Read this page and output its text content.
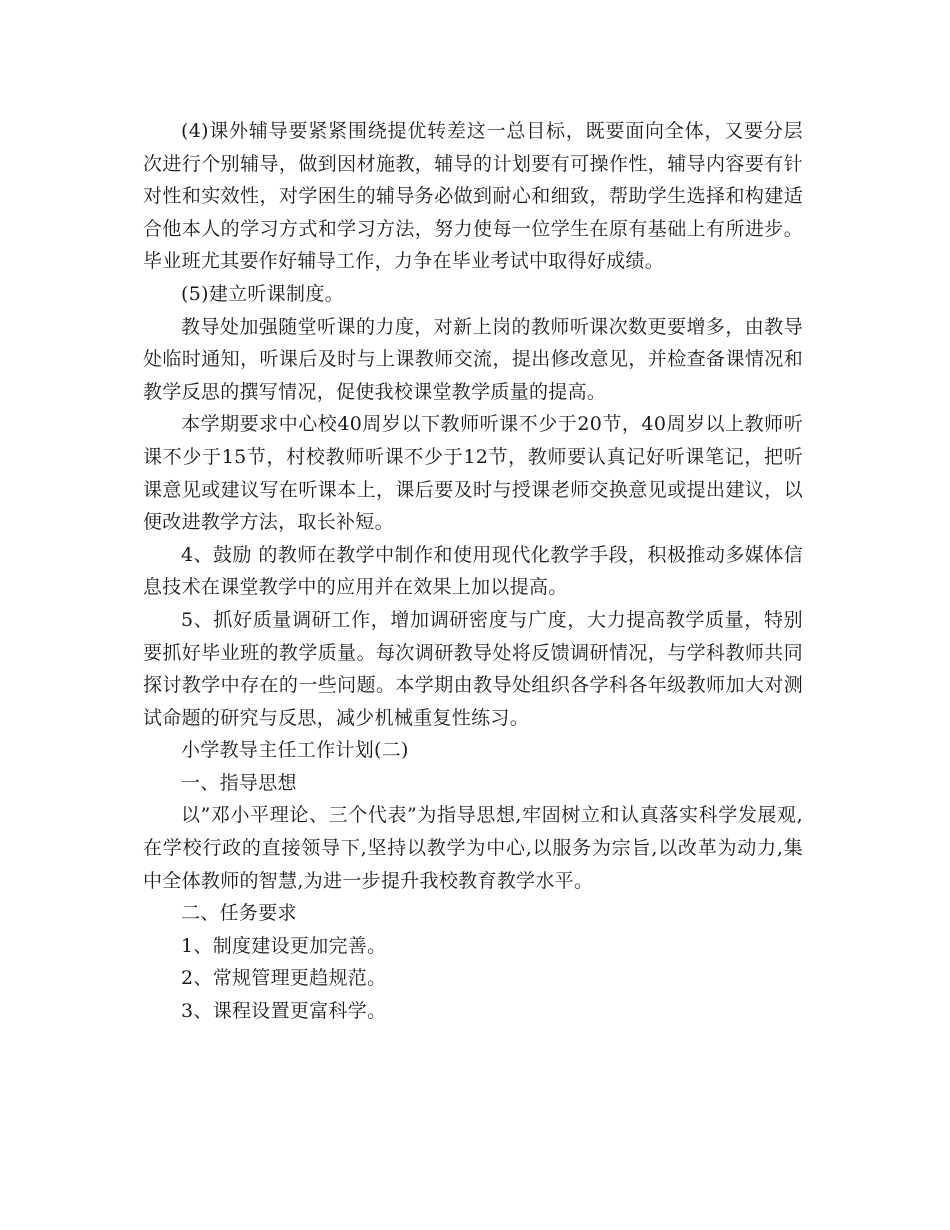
(4)课外辅导要紧紧围绕提优转差这一总目标，既要面向全体，又要分层次进行个别辅导，做到因材施教，辅导的计划要有可操作性，辅导内容要有针对性和实效性，对学困生的辅导务必做到耐心和细致，帮助学生选择和构建适合他本人的学习方式和学习方法，努力使每一位学生在原有基础上有所进步。毕业班尤其要作好辅导工作，力争在毕业考试中取得好成绩。

(5)建立听课制度。

教导处加强随堂听课的力度，对新上岗的教师听课次数更要增多，由教导处临时通知，听课后及时与上课教师交流，提出修改意见，并检查备课情况和教学反思的撰写情况，促使我校课堂教学质量的提高。

本学期要求中心校40周岁以下教师听课不少于20节，40周岁以上教师听课不少于15节，村校教师听课不少于12节，教师要认真记好听课笔记，把听课意见或建议写在听课本上，课后要及时与授课老师交换意见或提出建议，以便改进教学方法，取长补短。

4、鼓励 的教师在教学中制作和使用现代化教学手段，积极推动多媒体信息技术在课堂教学中的应用并在效果上加以提高。

5、抓好质量调研工作，增加调研密度与广度，大力提高教学质量，特别要抓好毕业班的教学质量。每次调研教导处将反馈调研情况，与学科教师共同探讨教学中存在的一些问题。本学期由教导处组织各学科各年级教师加大对测试命题的研究与反思，减少机械重复性练习。

小学教导主任工作计划(二)

一、指导思想

以”邓小平理论、三个代表”为指导思想,牢固树立和认真落实科学发展观,在学校行政的直接领导下,坚持以教学为中心,以服务为宗旨,以改革为动力,集中全体教师的智慧,为进一步提升我校教育教学水平。

二、任务要求

1、制度建设更加完善。

2、常规管理更趋规范。

3、课程设置更富科学。
